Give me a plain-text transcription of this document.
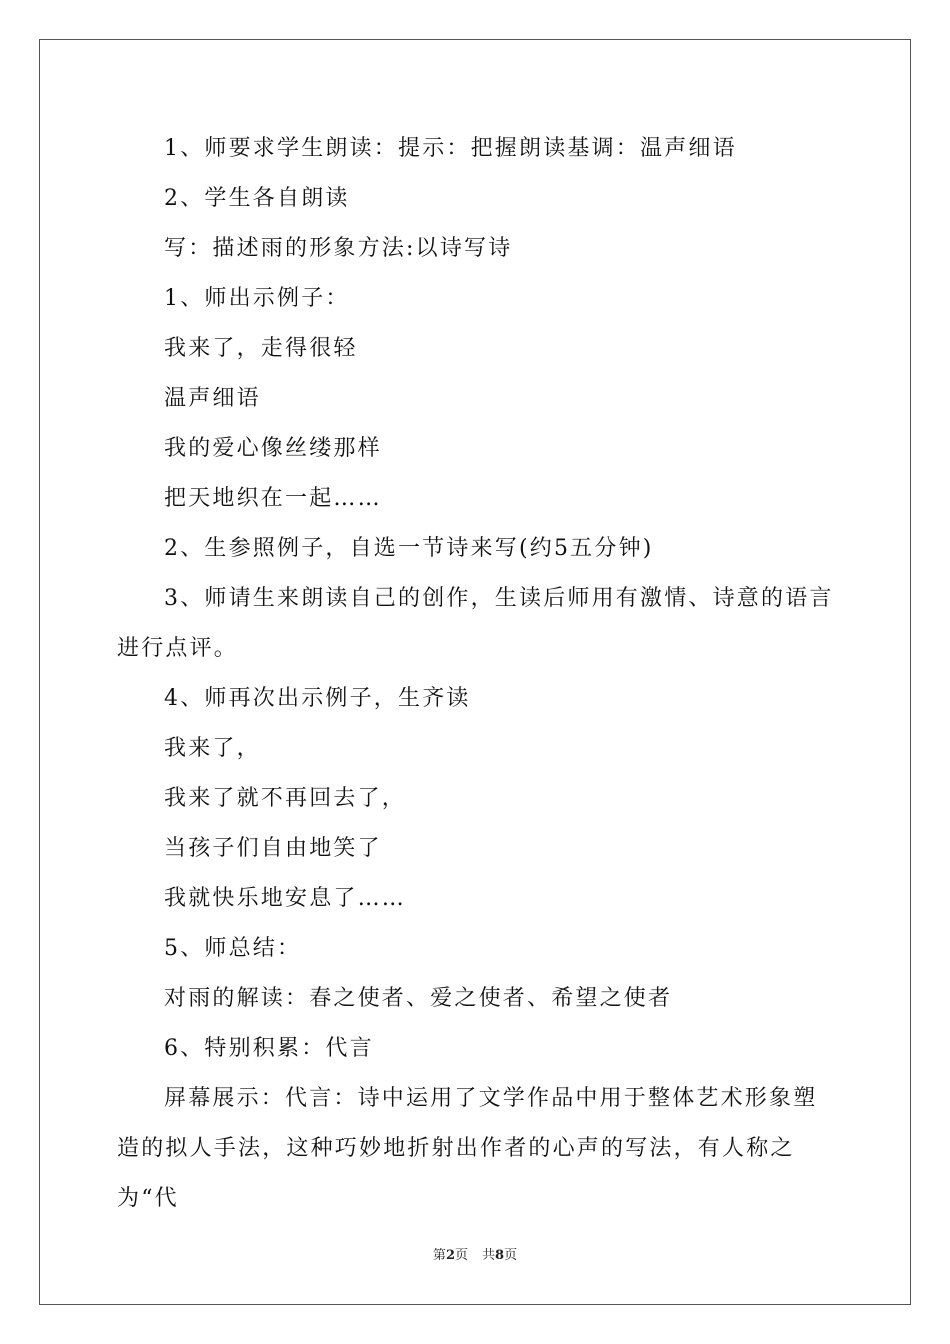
1、师要求学生朗读：提示：把握朗读基调：温声细语

2、学生各自朗读

写：描述雨的形象方法:以诗写诗

1、师出示例子：

我来了，走得很轻

温声细语

我的爱心像丝缕那样

把天地织在一起……

2、生参照例子，自选一节诗来写(约5五分钟)

3、师请生来朗读自己的创作，生读后师用有激情、诗意的语言进行点评。

4、师再次出示例子，生齐读

我来了，

我来了就不再回去了，

当孩子们自由地笑了

我就快乐地安息了……

5、师总结：

对雨的解读：春之使者、爱之使者、希望之使者

6、特别积累：代言

屏幕展示：代言：诗中运用了文学作品中用于整体艺术形象塑造的拟人手法，这种巧妙地折射出作者的心声的写法，有人称之为“代

第2页 共8页
